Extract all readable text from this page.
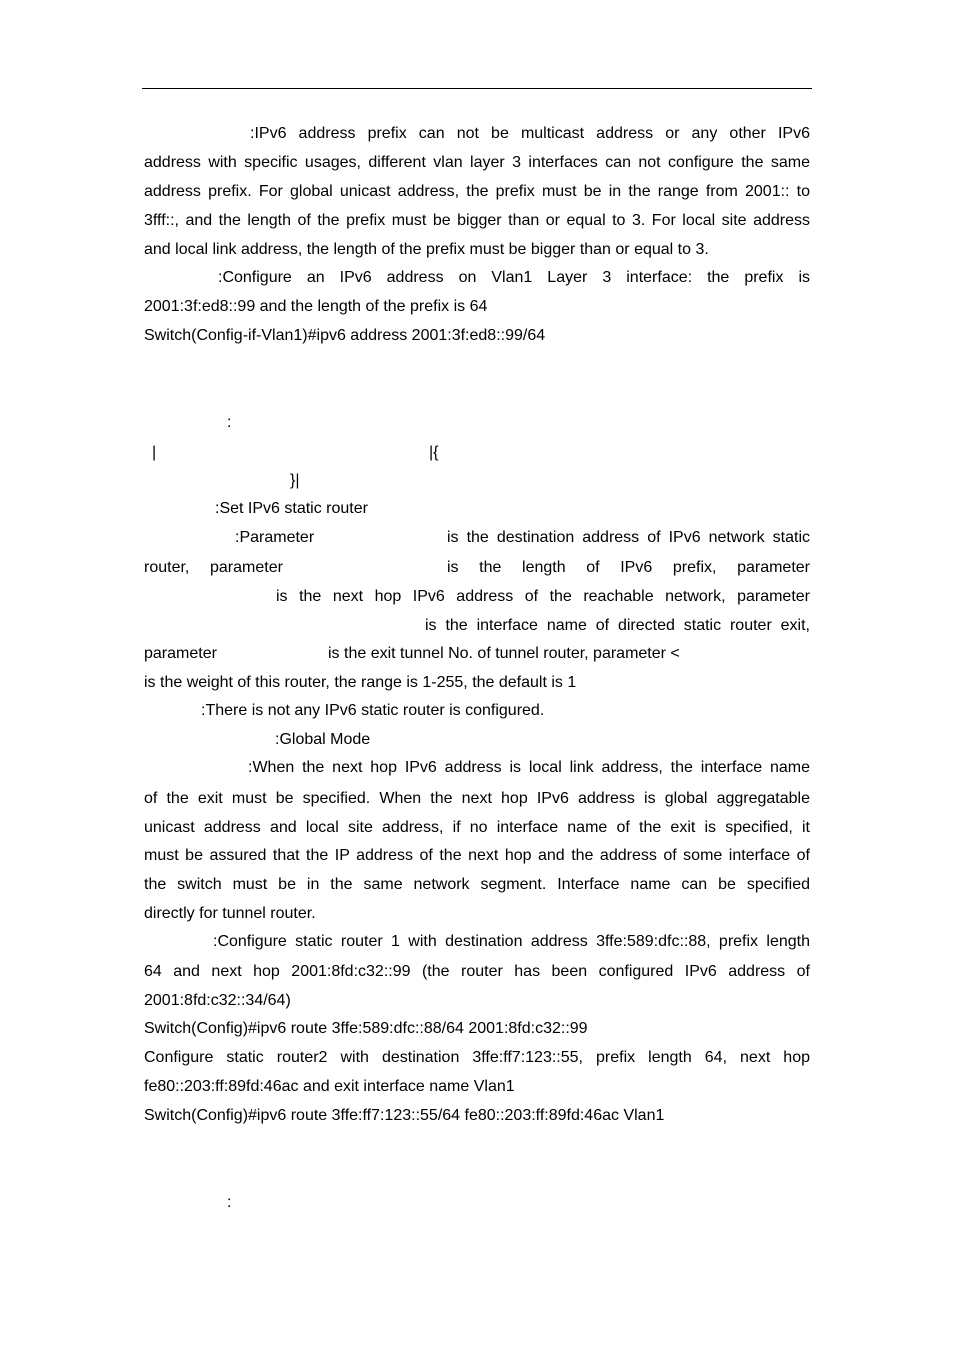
:IPv6 address prefix can not be multicast address or any other IPv6

address with specific usages, different vlan layer 3 interfaces can not configure the same

address prefix. For global unicast address, the prefix must be in the range from 2001:: to

3fff::, and the length of the prefix must be bigger than or equal to 3. For local site address

and local link address, the length of the prefix must be bigger than or equal to 3.

:Configure an IPv6 address on Vlan1 Layer 3 interface: the prefix is

2001:3f:ed8::99 and the length of the prefix is 64

Switch(Config-if-Vlan1)#ipv6 address 2001:3f:ed8::99/64

:

|	|{

}|

:Set IPv6 static router

:Parameter	is the destination address of IPv6 network static

router, parameter	is the length of IPv6 prefix, parameter

is the next hop IPv6 address of the reachable network, parameter

is the interface name of directed static router exit,

parameter	is the exit tunnel No. of tunnel router, parameter <

is the weight of this router, the range is 1-255, the default is 1

:There is not any IPv6 static router is configured.

:Global Mode

:When the next hop IPv6 address is local link address, the interface name

of the exit must be specified. When the next hop IPv6 address is global aggregatable

unicast address and local site address, if no interface name of the exit is specified, it

must be assured that the IP address of the next hop and the address of some interface of

the switch must be in the same network segment. Interface name can be specified

directly for tunnel router.

:Configure static router 1 with destination address 3ffe:589:dfc::88, prefix length

64 and next hop 2001:8fd:c32::99 (the router has been configured IPv6 address of

2001:8fd:c32::34/64)

Switch(Config)#ipv6 route 3ffe:589:dfc::88/64 2001:8fd:c32::99

Configure static router2 with destination 3ffe:ff7:123::55, prefix length 64, next hop

fe80::203:ff:89fd:46ac and exit interface name Vlan1

Switch(Config)#ipv6 route 3ffe:ff7:123::55/64 fe80::203:ff:89fd:46ac Vlan1

:
